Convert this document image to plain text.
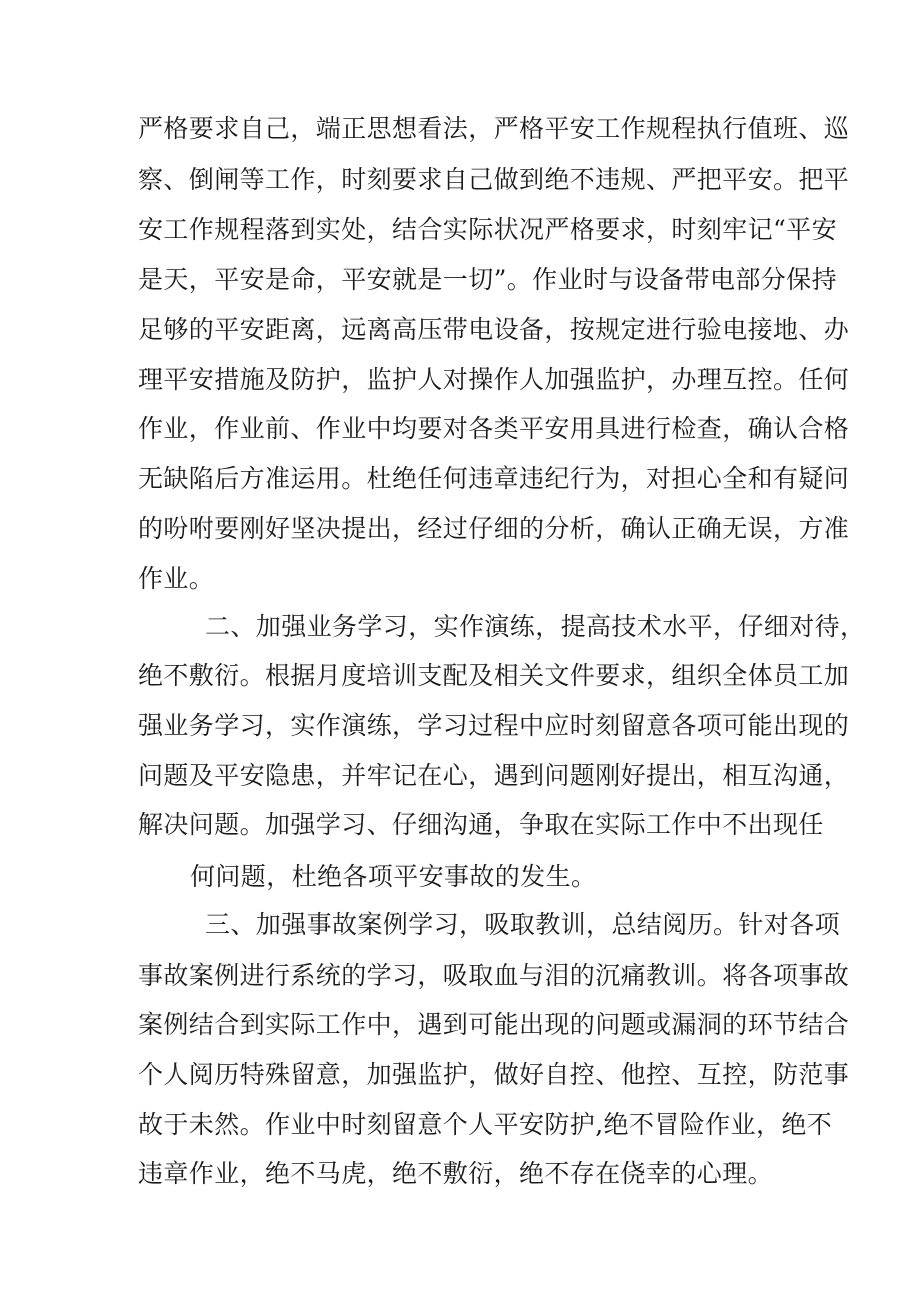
严格要求自己，端正思想看法，严格平安工作规程执行值班、巡
察、倒闸等工作，时刻要求自己做到绝不违规、严把平安。把平
安工作规程落到实处，结合实际状况严格要求，时刻牢记“平安
是天，平安是命，平安就是一切”。作业时与设备带电部分保持
足够的平安距离，远离高压带电设备，按规定进行验电接地、办
理平安措施及防护，监护人对操作人加强监护，办理互控。任何
作业，作业前、作业中均要对各类平安用具进行检查，确认合格
无缺陷后方准运用。杜绝任何违章违纪行为，对担心全和有疑问
的吩咐要刚好坚决提出，经过仔细的分析，确认正确无误，方准
作业。
二、加强业务学习，实作演练，提高技术水平，仔细对待，
绝不敷衍。根据月度培训支配及相关文件要求，组织全体员工加
强业务学习，实作演练，学习过程中应时刻留意各项可能出现的
问题及平安隐患，并牢记在心，遇到问题刚好提出，相互沟通，
解决问题。加强学习、仔细沟通，争取在实际工作中不出现任
何问题，杜绝各项平安事故的发生。
三、加强事故案例学习，吸取教训，总结阅历。针对各项
事故案例进行系统的学习，吸取血与泪的沉痛教训。将各项事故
案例结合到实际工作中，遇到可能出现的问题或漏洞的环节结合
个人阅历特殊留意，加强监护，做好自控、他控、互控，防范事
故于未然。作业中时刻留意个人平安防护,绝不冒险作业，绝不
违章作业，绝不马虎，绝不敷衍，绝不存在侥幸的心理。
